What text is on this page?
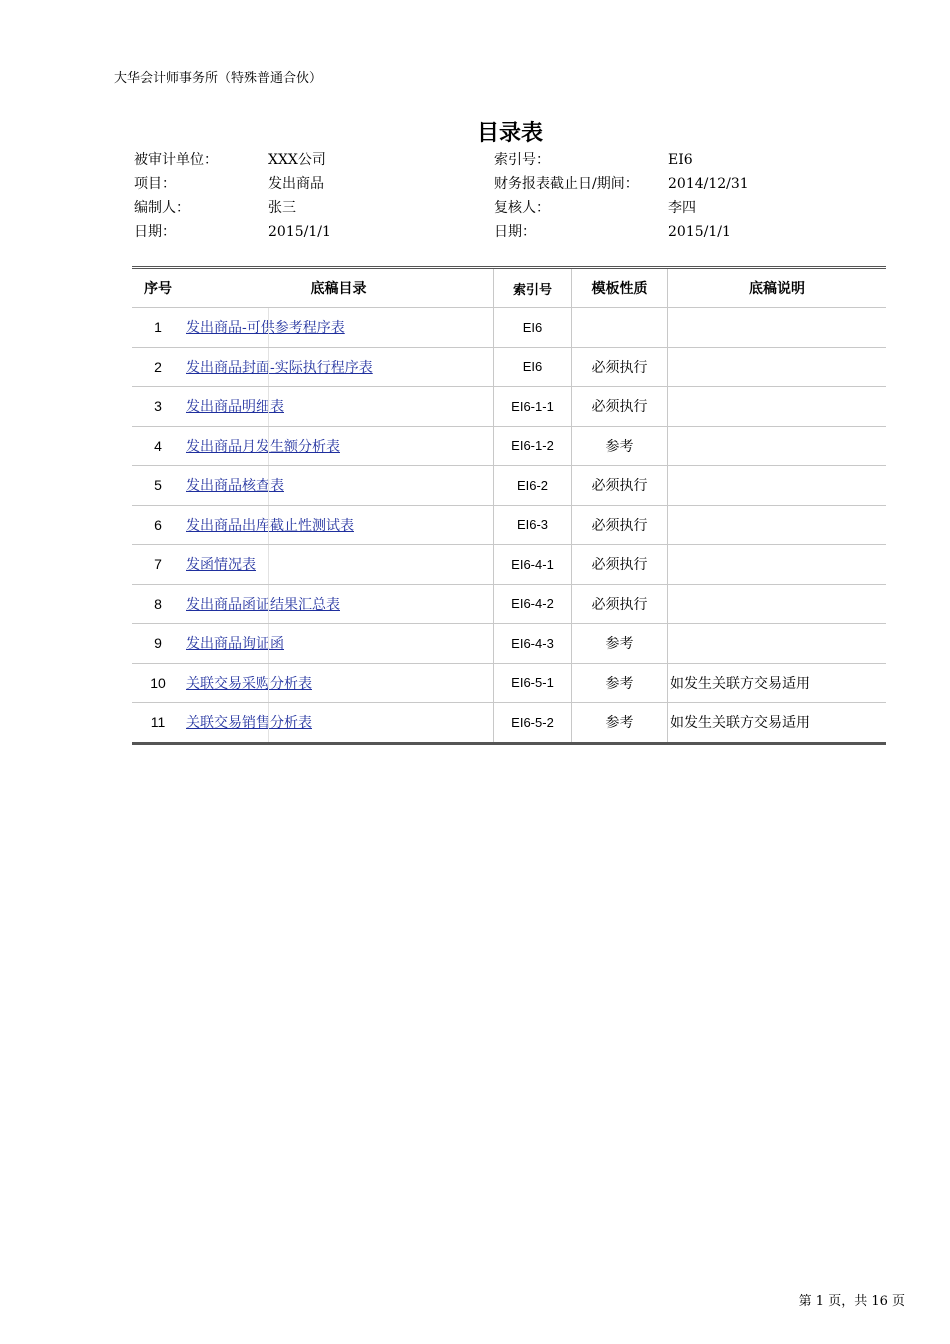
大华会计师事务所（特殊普通合伙）
目录表
被审计单位：	XXX公司
项目：	发出商品
编制人：	张三
日期：	2015/1/1
索引号：	EI6
财务报表截止日/期间： 2014/12/31
复核人：	李四
日期：	2015/1/1
序号	底稿目录	索引号	模板性质	底稿说明
1	发出商品-可供参考程序表	EI6		
2	发出商品封面-实际执行程序表	EI6	必须执行	
3	发出商品明细表	EI6-1-1	必须执行	
4	发出商品月发生额分析表	EI6-1-2	参考	
5	发出商品核查表	EI6-2	必须执行	
6	发出商品出库截止性测试表	EI6-3	必须执行	
7	发函情况表	EI6-4-1	必须执行	
8	发出商品函证结果汇总表	EI6-4-2	必须执行	
9	发出商品询证函	EI6-4-3	参考	
10	关联交易采购分析表	EI6-5-1	参考	如发生关联方交易适用
11	关联交易销售分析表	EI6-5-2	参考	如发生关联方交易适用
第 1 页，共 16 页
